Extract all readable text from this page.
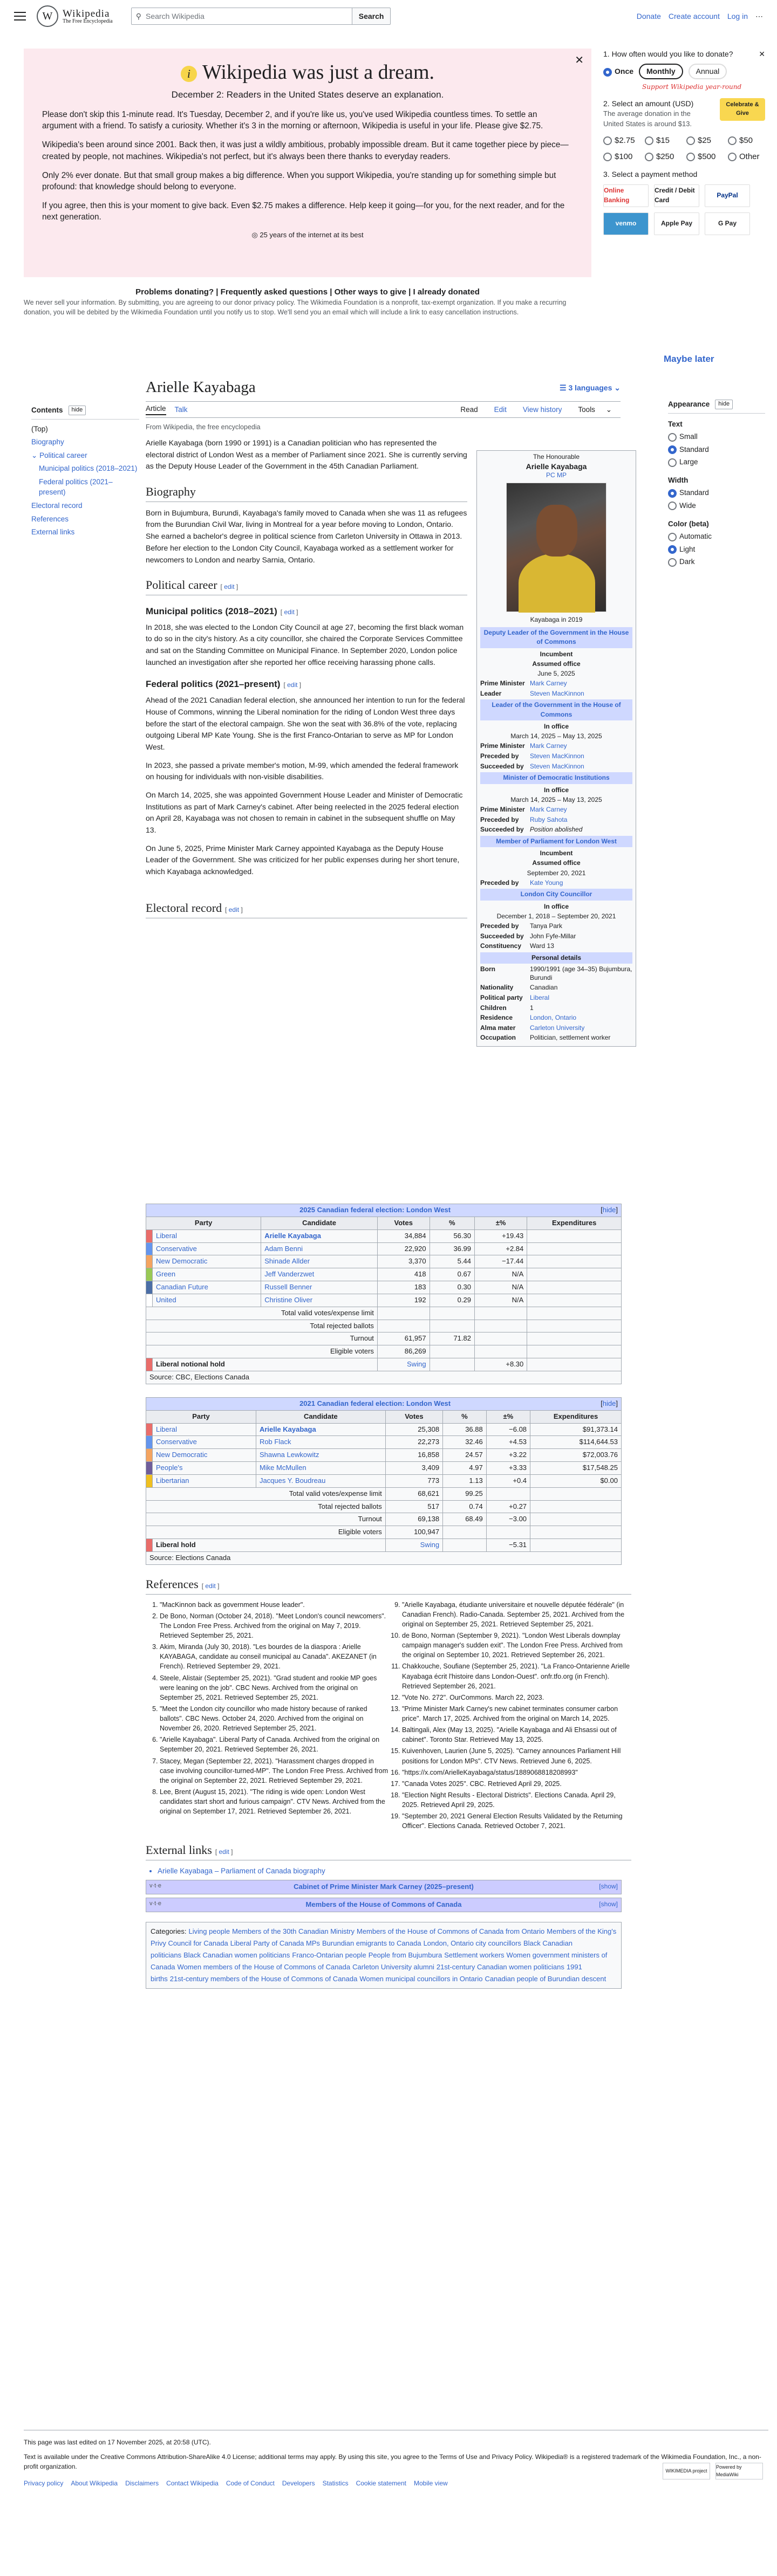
W Wikipedia
The Free Encyclopedia
⚲ Search Wikipedia	Search	Donate Create account Log in ⋯
✕
i Wikipedia was just a dream.
December 2: Readers in the United States deserve an explanation.

Please don't skip this 1-minute read. It's Tuesday, December 2, and if you're like us, you've used Wikipedia countless times. To settle an argument with a friend. To satisfy a curiosity. Whether it's 3 in the morning or afternoon, Wikipedia is useful in your life. Please give $2.75.

Wikipedia's been around since 2001. Back then, it was just a wildly ambitious, probably impossible dream. But it came together piece by piece—created by people, not machines. Wikipedia's not perfect, but it's always been there thanks to everyday readers.

Only 2% ever donate. But that small group makes a big difference. When you support Wikipedia, you're standing up for something simple but profound: that knowledge should belong to everyone.

If you agree, then this is your moment to give back. Even $2.75 makes a difference. Help keep it going—for you, for the next reader, and for the next generation.

◎ 25 years of the internet at its best
Problems donating? | Frequently asked questions | Other ways to give | I already donated
We never sell your information. By submitting, you are agreeing to our donor privacy policy. The Wikimedia Foundation is a nonprofit, tax-exempt organization. If you make a recurring donation, you will be debited by the Wikimedia Foundation until you notify us to stop. We'll send you an email which will include a link to easy cancellation instructions.
1. How often would you like to donate?	✕
Once	Monthly	Annual
Support Wikipedia year-round
2. Select an amount (USD)
The average donation in the United States is around $13.
Celebrate & Give
$2.75	$15	$25	$50
$100	$250	$500	Other
3. Select a payment method
Online Banking
Credit / Debit Card
PayPal
venmo	Apple Pay	G Pay
Maybe later
Contents	hide
(Top)
Biography
⌄ Political career
Municipal politics (2018–2021)
Federal politics (2021–present)
Electoral record
References
External links
Appearance	hide
Text
Small
Standard
Large
Width
Standard
Wide
Color (beta)
Automatic
Light
Dark
Arielle Kayabaga	☰ 3 languages ⌄
Article Talk	Read Edit View history Tools ⌄
From Wikipedia, the free encyclopedia

Arielle Kayabaga (born 1990 or 1991) is a Canadian politician who has represented the electoral district of London West as a member of Parliament since 2021. She is currently serving as the Deputy House Leader of the Government in the 45th Canadian Parliament.

Biography

Born in Bujumbura, Burundi, Kayabaga's family moved to Canada when she was 11 as refugees from the Burundian Civil War, living in Montreal for a year before moving to London, Ontario. She earned a bachelor's degree in political science from Carleton University in Ottawa in 2013. Before her election to the London City Council, Kayabaga worked as a settlement worker for newcomers to London and nearby Sarnia, Ontario.

Political career [ edit ]
Municipal politics (2018–2021) [ edit ]

In 2018, she was elected to the London City Council at age 27, becoming the first black woman to do so in the city's history. As a city councillor, she chaired the Corporate Services Committee and sat on the Standing Committee on Municipal Finance. In September 2020, London police launched an investigation after she reported her office receiving harassing phone calls.

Federal politics (2021–present) [ edit ]

Ahead of the 2021 Canadian federal election, she announced her intention to run for the federal House of Commons, winning the Liberal nomination for the riding of London West three days before the start of the electoral campaign. She won the seat with 36.8% of the vote, replacing outgoing Liberal MP Kate Young. She is the first Franco-Ontarian to serve as MP for London West.

In 2023, she passed a private member's motion, M-99, which amended the federal framework on housing for individuals with non-visible disabilities.

On March 14, 2025, she was appointed Government House Leader and Minister of Democratic Institutions as part of Mark Carney's cabinet. After being reelected in the 2025 federal election on April 28, Kayabaga was not chosen to remain in cabinet in the subsequent shuffle on May 13.

On June 5, 2025, Prime Minister Mark Carney appointed Kayabaga as the Deputy House Leader of the Government. She was criticized for her public expenses during her short tenure, which Kayabaga acknowledged.

Electoral record [ edit ]
The Honourable
Arielle Kayabaga
PC MP
Kayabaga in 2019
Deputy Leader of the Government in the House of Commons
Incumbent
Assumed office
June 5, 2025
Prime Minister Mark Carney
Leader	Steven MacKinnon
Leader of the Government in the House of Commons
In office
March 14, 2025 – May 13, 2025
Prime Minister Mark Carney
Preceded by	Steven MacKinnon
Succeeded by Steven MacKinnon
Minister of Democratic Institutions
In office
March 14, 2025 – May 13, 2025
Prime Minister Mark Carney
Preceded by	Ruby Sahota
Succeeded by Position abolished
Member of Parliament for London West
Incumbent
Assumed office
September 20, 2021
Preceded by	Kate Young
London City Councillor
In office
December 1, 2018 – September 20, 2021
Preceded by	Tanya Park
Succeeded by John Fyfe-Millar
Constituency	Ward 13
Personal details
Born	1990/1991 (age 34–35) Bujumbura, Burundi
Nationality	Canadian
Political party	Liberal
Children	1
Residence	London, Ontario
Alma mater	Carleton University
Occupation	Politician, settlement worker
2025 Canadian federal election: London West [hide]						

Party		Candidate	Votes	%	±%	Expenditures
	Liberal	Arielle Kayabaga	34,884	56.30	+19.43	
	Conservative	Adam Benni	22,920	36.99	+2.84	
	New Democratic	Shinade Allder	3,370	5.44	−17.44	
	Green	Jeff Vanderzwet	418	0.67	N/A	
	Canadian Future	Russell Benner	183	0.30	N/A	
	United	Christine Oliver	192	0.29	N/A	
Total valid votes/expense limit						
Total rejected ballots						
Turnout			61,957	71.82		
Eligible voters			86,269			
	Liberal notional hold		Swing		+8.30	
Source: CBC, Elections Canada						
2021 Canadian federal election: London West [hide]						

Party		Candidate	Votes	%	±%	Expenditures
	Liberal	Arielle Kayabaga	25,308	36.88	−6.08	$91,373.14
	Conservative	Rob Flack	22,273	32.46	+4.53	$114,644.53
	New Democratic	Shawna Lewkowitz	16,858	24.57	+3.22	$72,003.76
	People's	Mike McMullen	3,409	4.97	+3.33	$17,548.25
	Libertarian	Jacques Y. Boudreau	773	1.13	+0.4	$0.00
Total valid votes/expense limit			68,621	99.25		
Total rejected ballots			517	0.74	+0.27	
Turnout			69,138	68.49	−3.00	
Eligible voters			100,947			
	Liberal hold		Swing		−5.31	
Source: Elections Canada						
References [ edit ]
1. "MacKinnon back as government House leader".
2. De Bono, Norman (October 24, 2018). "Meet London's council newcomers". The London Free Press. Archived from the original on May 7, 2019. Retrieved September 25, 2021.
3. Akim, Miranda (July 30, 2018). "Les bourdes de la diaspora : Arielle KAYABAGA, candidate au conseil municipal au Canada". AKEZANET (in French). Retrieved September 29, 2021.
4. Steele, Alistair (September 25, 2021). "Grad student and rookie MP goes were leaning on the job". CBC News. Archived from the original on September 25, 2021. Retrieved September 25, 2021.
5. "Meet the London city councillor who made history because of ranked ballots". CBC News. October 24, 2020. Archived from the original on November 26, 2020. Retrieved September 25, 2021.
6. "Arielle Kayabaga". Liberal Party of Canada. Archived from the original on September 20, 2021. Retrieved September 26, 2021.
7. Stacey, Megan (September 22, 2021). "Harassment charges dropped in case involving councillor-turned-MP". The London Free Press. Archived from the original on September 22, 2021. Retrieved September 29, 2021.
8. Lee, Brent (August 15, 2021). "The riding is wide open: London West candidates start short and furious campaign". CTV News. Archived from the original on September 17, 2021. Retrieved September 26, 2021.
9. "Arielle Kayabaga, étudiante universitaire et nouvelle députée fédérale" (in Canadian French). Radio-Canada. September 25, 2021. Archived from the original on September 25, 2021. Retrieved September 25, 2021.
10. de Bono, Norman (September 9, 2021). "London West Liberals downplay campaign manager's sudden exit". The London Free Press. Archived from the original on September 10, 2021. Retrieved September 26, 2021.
11. Chakkouche, Soufiane (September 25, 2021). "La Franco-Ontarienne Arielle Kayabaga écrit l'histoire dans London-Ouest". onfr.tfo.org (in French). Retrieved September 26, 2021.
12. "Vote No. 272". OurCommons. March 22, 2023.
13. "Prime Minister Mark Carney's new cabinet terminates consumer carbon price". March 17, 2025. Archived from the original on March 14, 2025.
14. Baltingali, Alex (May 13, 2025). "Arielle Kayabaga and Ali Ehsassi out of cabinet". Toronto Star. Retrieved May 13, 2025.
15. Kuivenhoven, Laurien (June 5, 2025). "Carney announces Parliament Hill positions for London MPs". CTV News. Retrieved June 6, 2025.
16. "https://x.com/ArielleKayabaga/status/1889068818208993"
17. "Canada Votes 2025". CBC. Retrieved April 29, 2025.
18. "Election Night Results - Electoral Districts". Elections Canada. April 29, 2025. Retrieved April 29, 2025.
19. "September 20, 2021 General Election Results Validated by the Returning Officer". Elections Canada. Retrieved October 7, 2021.
External links [ edit ]
• Arielle Kayabaga – Parliament of Canada biography
v·t·e	Cabinet of Prime Minister Mark Carney (2025–present)	[show]
v·t·e	Members of the House of Commons of Canada	[show]
Categories: Living people Members of the 30th Canadian Ministry Members of the House of Commons of Canada from Ontario Members of the King's Privy Council for Canada Liberal Party of Canada MPs Burundian emigrants to Canada London, Ontario city councillors Black Canadian politicians Black Canadian women politicians Franco-Ontarian people People from Bujumbura Settlement workers Women government ministers of Canada Women members of the House of Commons of Canada Carleton University alumni 21st-century Canadian women politicians 1991 births 21st-century members of the House of Commons of Canada Women municipal councillors in Ontario Canadian people of Burundian descent
This page was last edited on 17 November 2025, at 20:58 (UTC).
Text is available under the Creative Commons Attribution-ShareAlike 4.0 License; additional terms may apply. By using this site, you agree to the Terms of Use and Privacy Policy. Wikipedia® is a registered trademark of the Wikimedia Foundation, Inc., a non-profit organization.
Privacy policy About Wikipedia Disclaimers Contact Wikipedia Code of Conduct Developers Statistics Cookie statement Mobile view
WIKIMEDIA project
Powered by MediaWiki
